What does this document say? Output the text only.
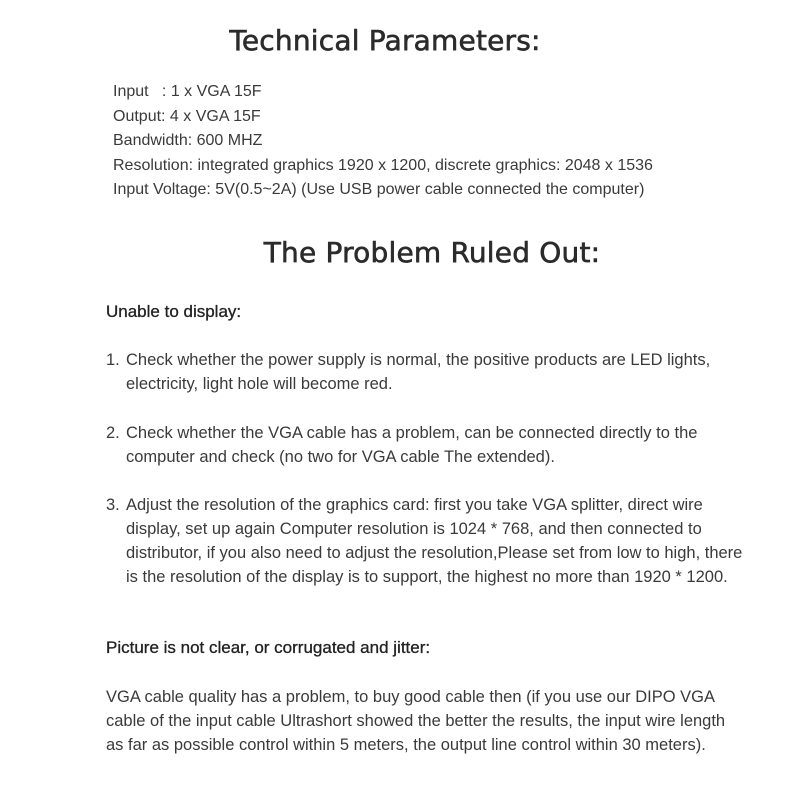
Technical Parameters:
Input   : 1 x VGA 15F
Output: 4 x VGA 15F
Bandwidth: 600 MHZ
Resolution: integrated graphics 1920 x 1200, discrete graphics: 2048 x 1536
Input Voltage: 5V(0.5~2A) (Use USB power cable connected the computer)
The Problem Ruled Out:
Unable to display:
1. Check whether the power supply is normal, the positive products are LED lights, electricity, light hole will become red.
2. Check whether the VGA cable has a problem, can be connected directly to the computer and check (no two for VGA cable The extended).
3. Adjust the resolution of the graphics card: first you take VGA splitter, direct wire display, set up again Computer resolution is 1024 * 768, and then connected to distributor, if you also need to adjust the resolution,Please set from low to high, there is the resolution of the display is to support, the highest no more than 1920 * 1200.
Picture is not clear, or corrugated and jitter:
VGA cable quality has a problem, to buy good cable then (if you use our DIPO VGA cable of the input cable Ultrashort showed the better the results, the input wire length as far as possible control within 5 meters, the output line control within 30 meters).
